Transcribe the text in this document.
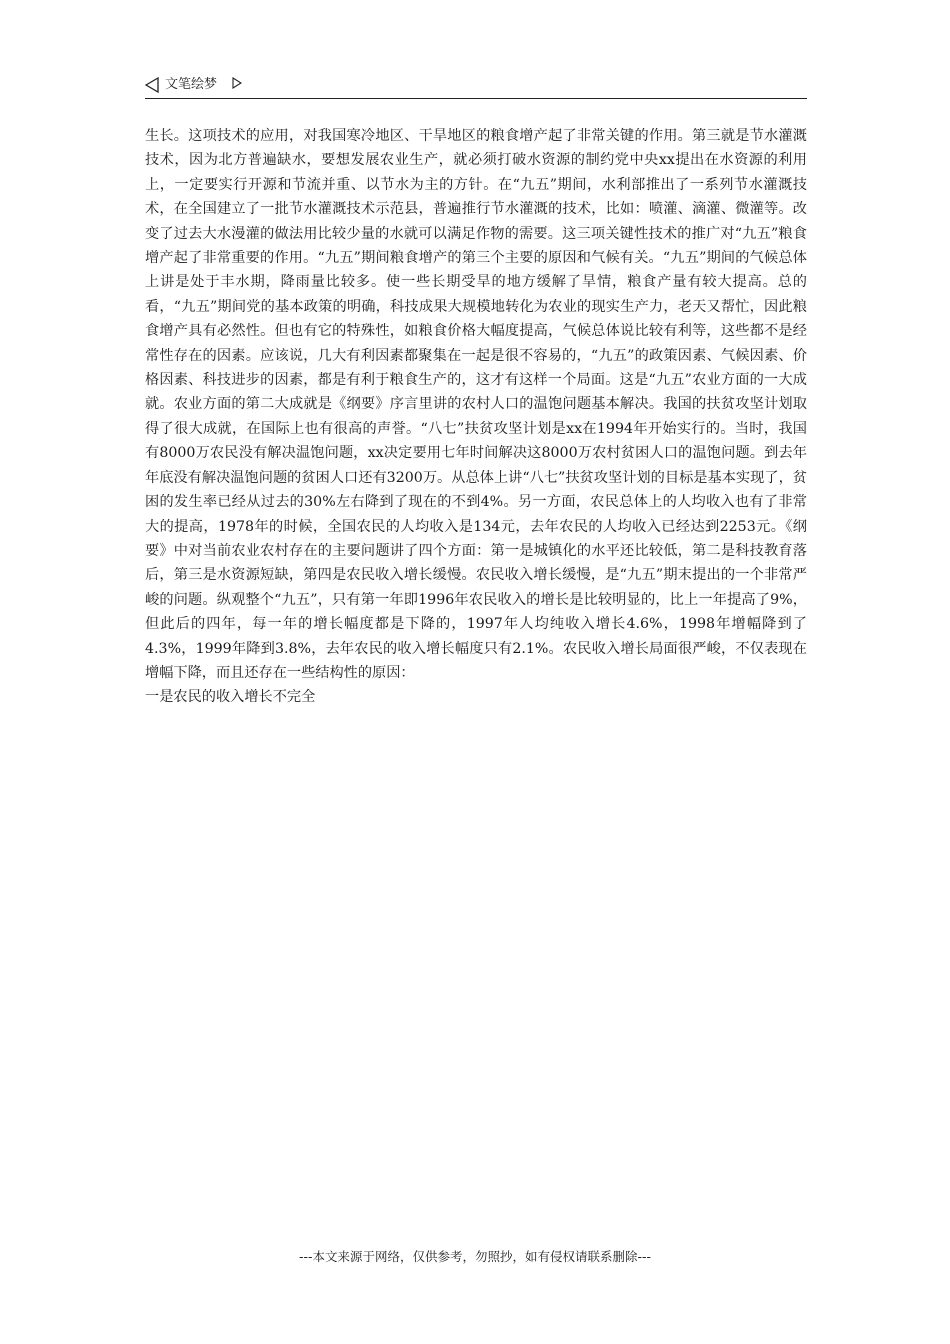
文笔绘梦

生长。这项技术的应用，对我国寒冷地区、干旱地区的粮食增产起了非常关键的作用。第三就是节水灌溉技术，因为北方普遍缺水，要想发展农业生产，就必须打破水资源的制约党中央xx提出在水资源的利用上，一定要实行开源和节流并重、以节水为主的方针。在“九五”期间，水利部推出了一系列节水灌溉技术，在全国建立了一批节水灌溉技术示范县，普遍推行节水灌溉的技术，比如：喷灌、滴灌、微灌等。改变了过去大水漫灌的做法用比较少量的水就可以满足作物的需要。这三项关键性技术的推广对“九五”粮食增产起了非常重要的作用。“九五”期间粮食增产的第三个主要的原因和气候有关。“九五”期间的气候总体上讲是处于丰水期，降雨量比较多。使一些长期受旱的地方缓解了旱情，粮食产量有较大提高。总的看，“九五”期间党的基本政策的明确，科技成果大规模地转化为农业的现实生产力，老天又帮忙，因此粮食增产具有必然性。但也有它的特殊性，如粮食价格大幅度提高，气候总体说比较有利等，这些都不是经常性存在的因素。应该说，几大有利因素都聚集在一起是很不容易的，“九五”的政策因素、气候因素、价格因素、科技进步的因素，都是有利于粮食生产的，这才有这样一个局面。这是“九五”农业方面的一大成就。农业方面的第二大成就是《纲要》序言里讲的农村人口的温饱问题基本解决。我国的扶贫攻坚计划取得了很大成就，在国际上也有很高的声誉。“八七”扶贫攻坚计划是xx在1994年开始实行的。当时，我国有8000万农民没有解决温饱问题，xx决定要用七年时间解决这8000万农村贫困人口的温饱问题。到去年年底没有解决温饱问题的贫困人口还有3200万。从总体上讲“八七”扶贫攻坚计划的目标是基本实现了，贫困的发生率已经从过去的30%左右降到了现在的不到4%。另一方面，农民总体上的人均收入也有了非常大的提高，1978年的时候，全国农民的人均收入是134元，去年农民的人均收入已经达到2253元。《纲要》中对当前农业农村存在的主要问题讲了四个方面：第一是城镇化的水平还比较低，第二是科技教育落后，第三是水资源短缺，第四是农民收入增长缓慢。农民收入增长缓慢，是“九五”期末提出的一个非常严峻的问题。纵观整个“九五”，只有第一年即1996年农民收入的增长是比较明显的，比上一年提高了9%，但此后的四年，每一年的增长幅度都是下降的，1997年人均纯收入增长4.6%，1998年增幅降到了4.3%，1999年降到3.8%，去年农民的收入增长幅度只有2.1%。农民收入增长局面很严峻，不仅表现在增幅下降，而且还存在一些结构性的原因：

一是农民的收入增长不完全

---本文来源于网络，仅供参考，勿照抄，如有侵权请联系删除---
